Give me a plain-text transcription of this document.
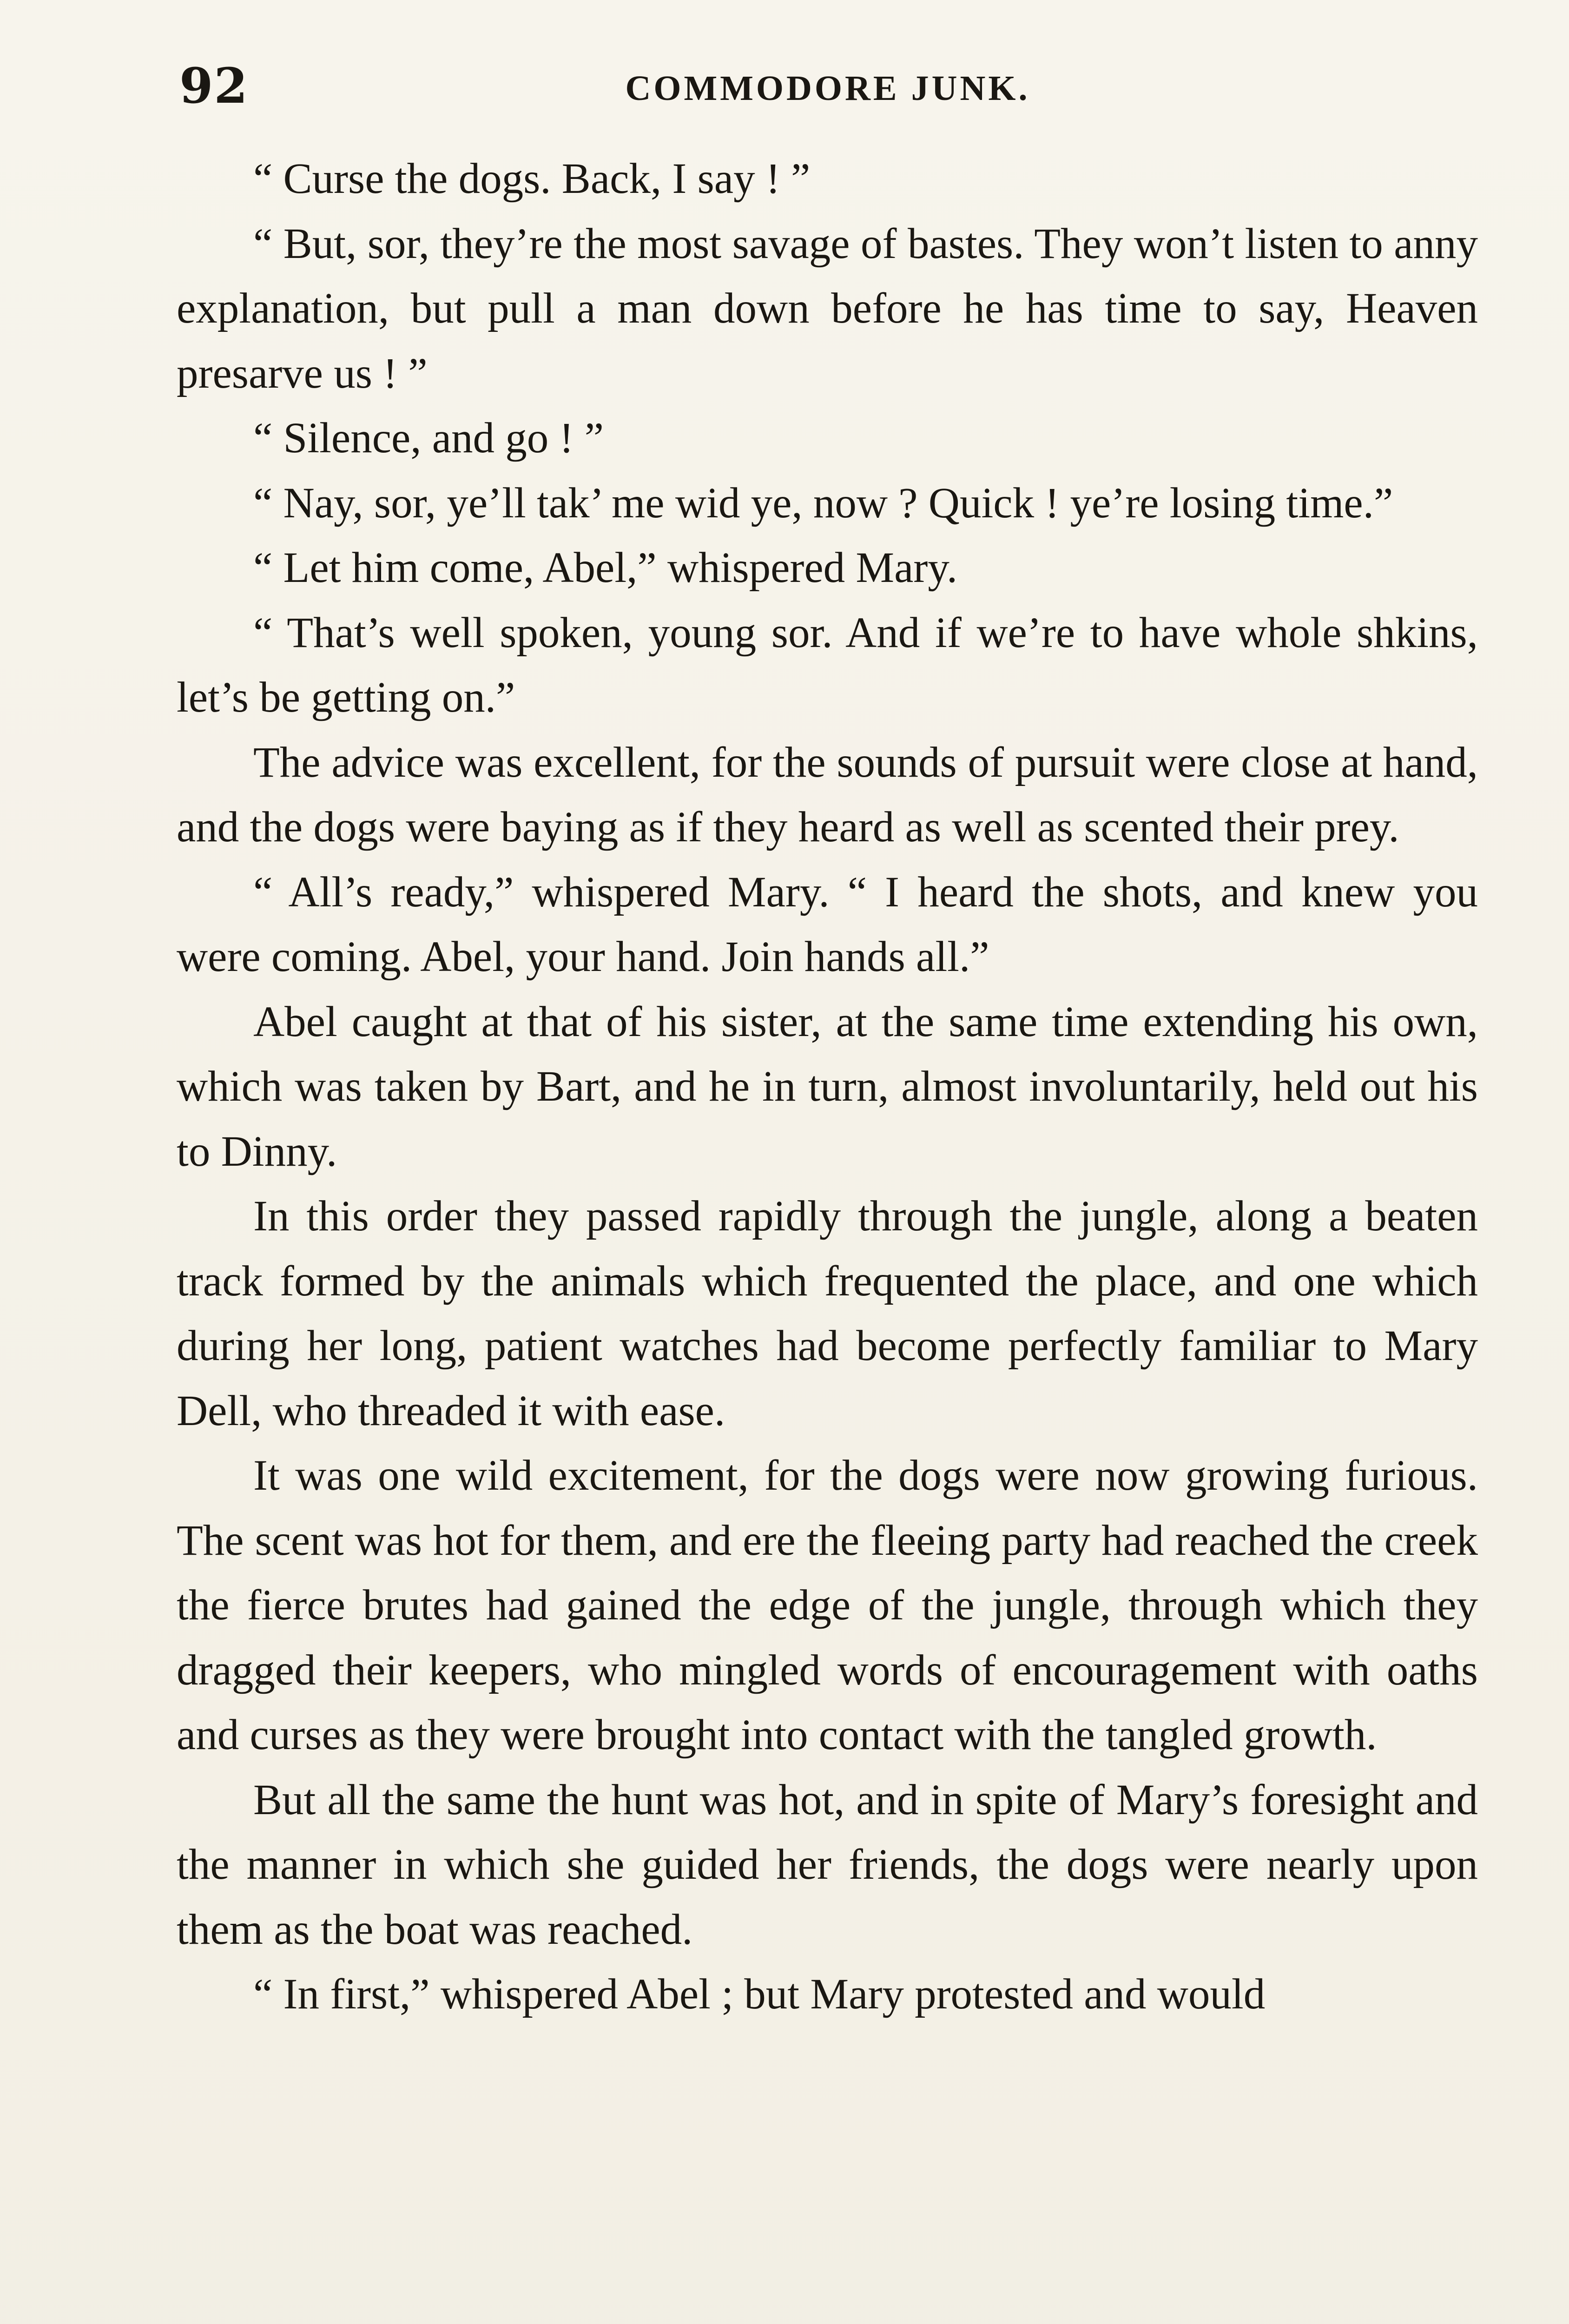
92	COMMODORE JUNK.

“ Curse the dogs. Back, I say ! ”

“ But, sor, they’re the most savage of bastes. They won’t listen to anny explanation, but pull a man down before he has time to say, Heaven presarve us ! ”

“ Silence, and go ! ”

“ Nay, sor, ye’ll tak’ me wid ye, now ? Quick ! ye’re losing time.”

“ Let him come, Abel,” whispered Mary.

“ That’s well spoken, young sor. And if we’re to have whole shkins, let’s be getting on.”

The advice was excellent, for the sounds of pursuit were close at hand, and the dogs were baying as if they heard as well as scented their prey.

“ All’s ready,” whispered Mary. “ I heard the shots, and knew you were coming. Abel, your hand. Join hands all.”

Abel caught at that of his sister, at the same time extending his own, which was taken by Bart, and he in turn, almost involuntarily, held out his to Dinny.

In this order they passed rapidly through the jungle, along a beaten track formed by the animals which frequented the place, and one which during her long, patient watches had become perfectly familiar to Mary Dell, who threaded it with ease.

It was one wild excitement, for the dogs were now growing furious. The scent was hot for them, and ere the fleeing party had reached the creek the fierce brutes had gained the edge of the jungle, through which they dragged their keepers, who mingled words of encouragement with oaths and curses as they were brought into contact with the tangled growth.

But all the same the hunt was hot, and in spite of Mary’s foresight and the manner in which she guided her friends, the dogs were nearly upon them as the boat was reached.

“ In first,” whispered Abel ; but Mary protested and would
